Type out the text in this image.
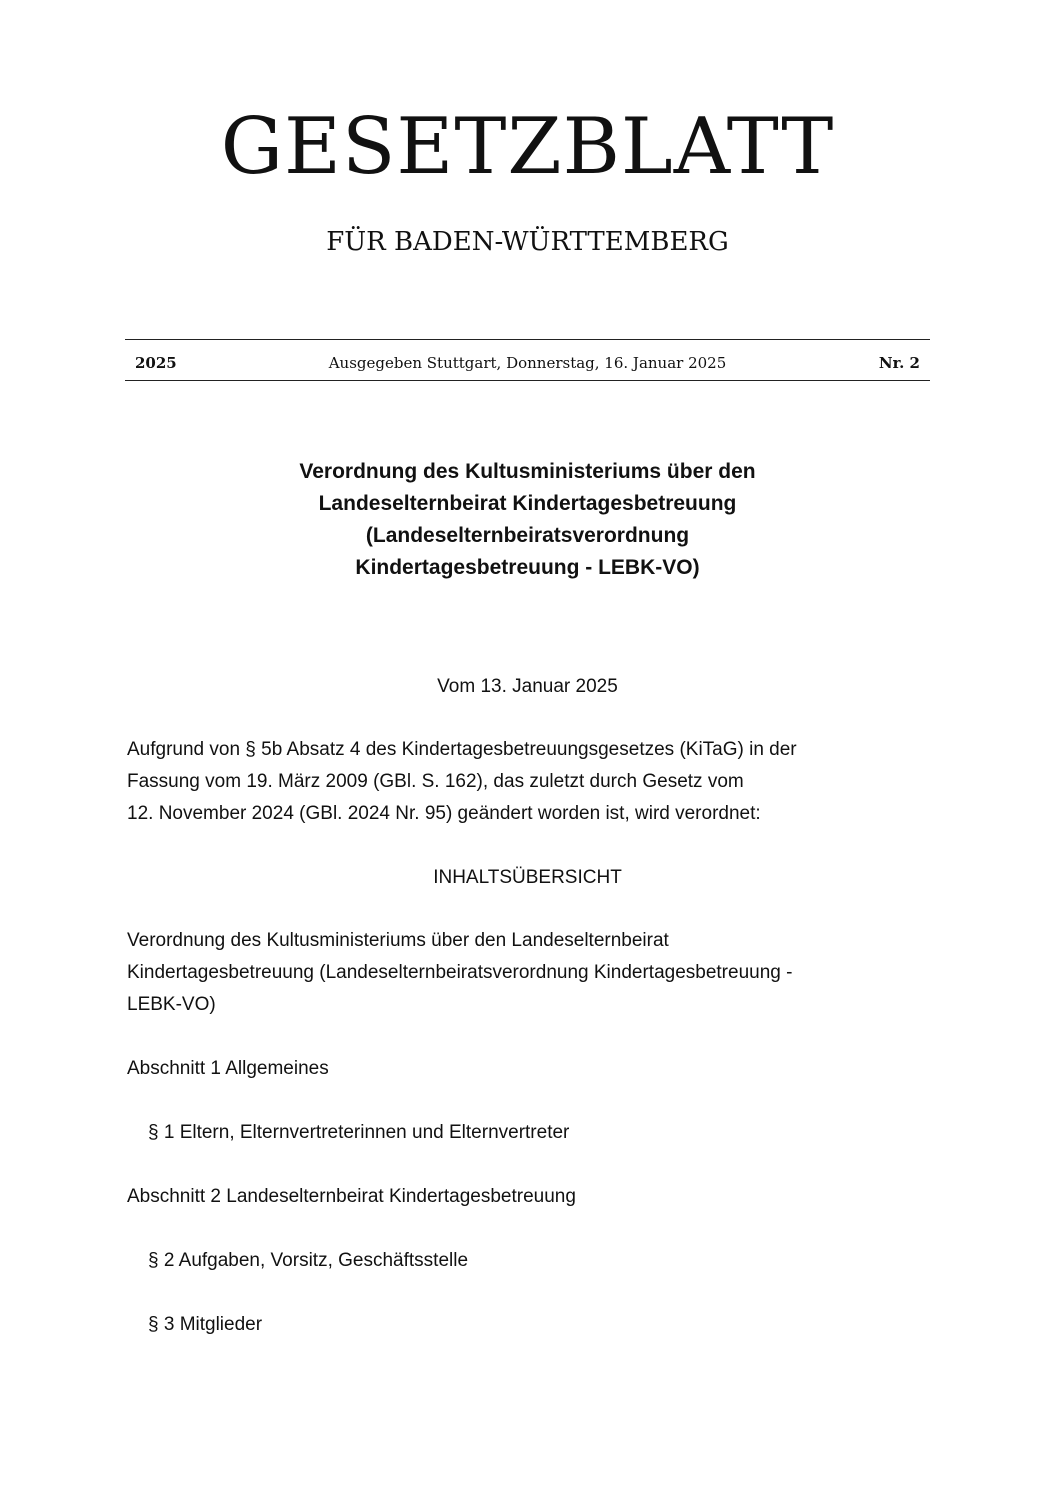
GESETZBLATT
FÜR BADEN-WÜRTTEMBERG
2025	Ausgegeben Stuttgart, Donnerstag, 16. Januar 2025	Nr. 2
Verordnung des Kultusministeriums über den
Landeselternbeirat Kindertagesbetreuung
(Landeselternbeiratsverordnung
Kindertagesbetreuung - LEBK-VO)
Vom 13. Januar 2025
Aufgrund von § 5b Absatz 4 des Kindertagesbetreuungsgesetzes (KiTaG) in der
Fassung vom 19. März 2009 (GBl. S. 162), das zuletzt durch Gesetz vom
12. November 2024 (GBl. 2024 Nr. 95) geändert worden ist, wird verordnet:
INHALTSÜBERSICHT
Verordnung des Kultusministeriums über den Landeselternbeirat
Kindertagesbetreuung (Landeselternbeiratsverordnung Kindertagesbetreuung -
LEBK-VO)
Abschnitt 1 Allgemeines
§ 1 Eltern, Elternvertreterinnen und Elternvertreter
Abschnitt 2 Landeselternbeirat Kindertagesbetreuung
§ 2 Aufgaben, Vorsitz, Geschäftsstelle
§ 3 Mitglieder
